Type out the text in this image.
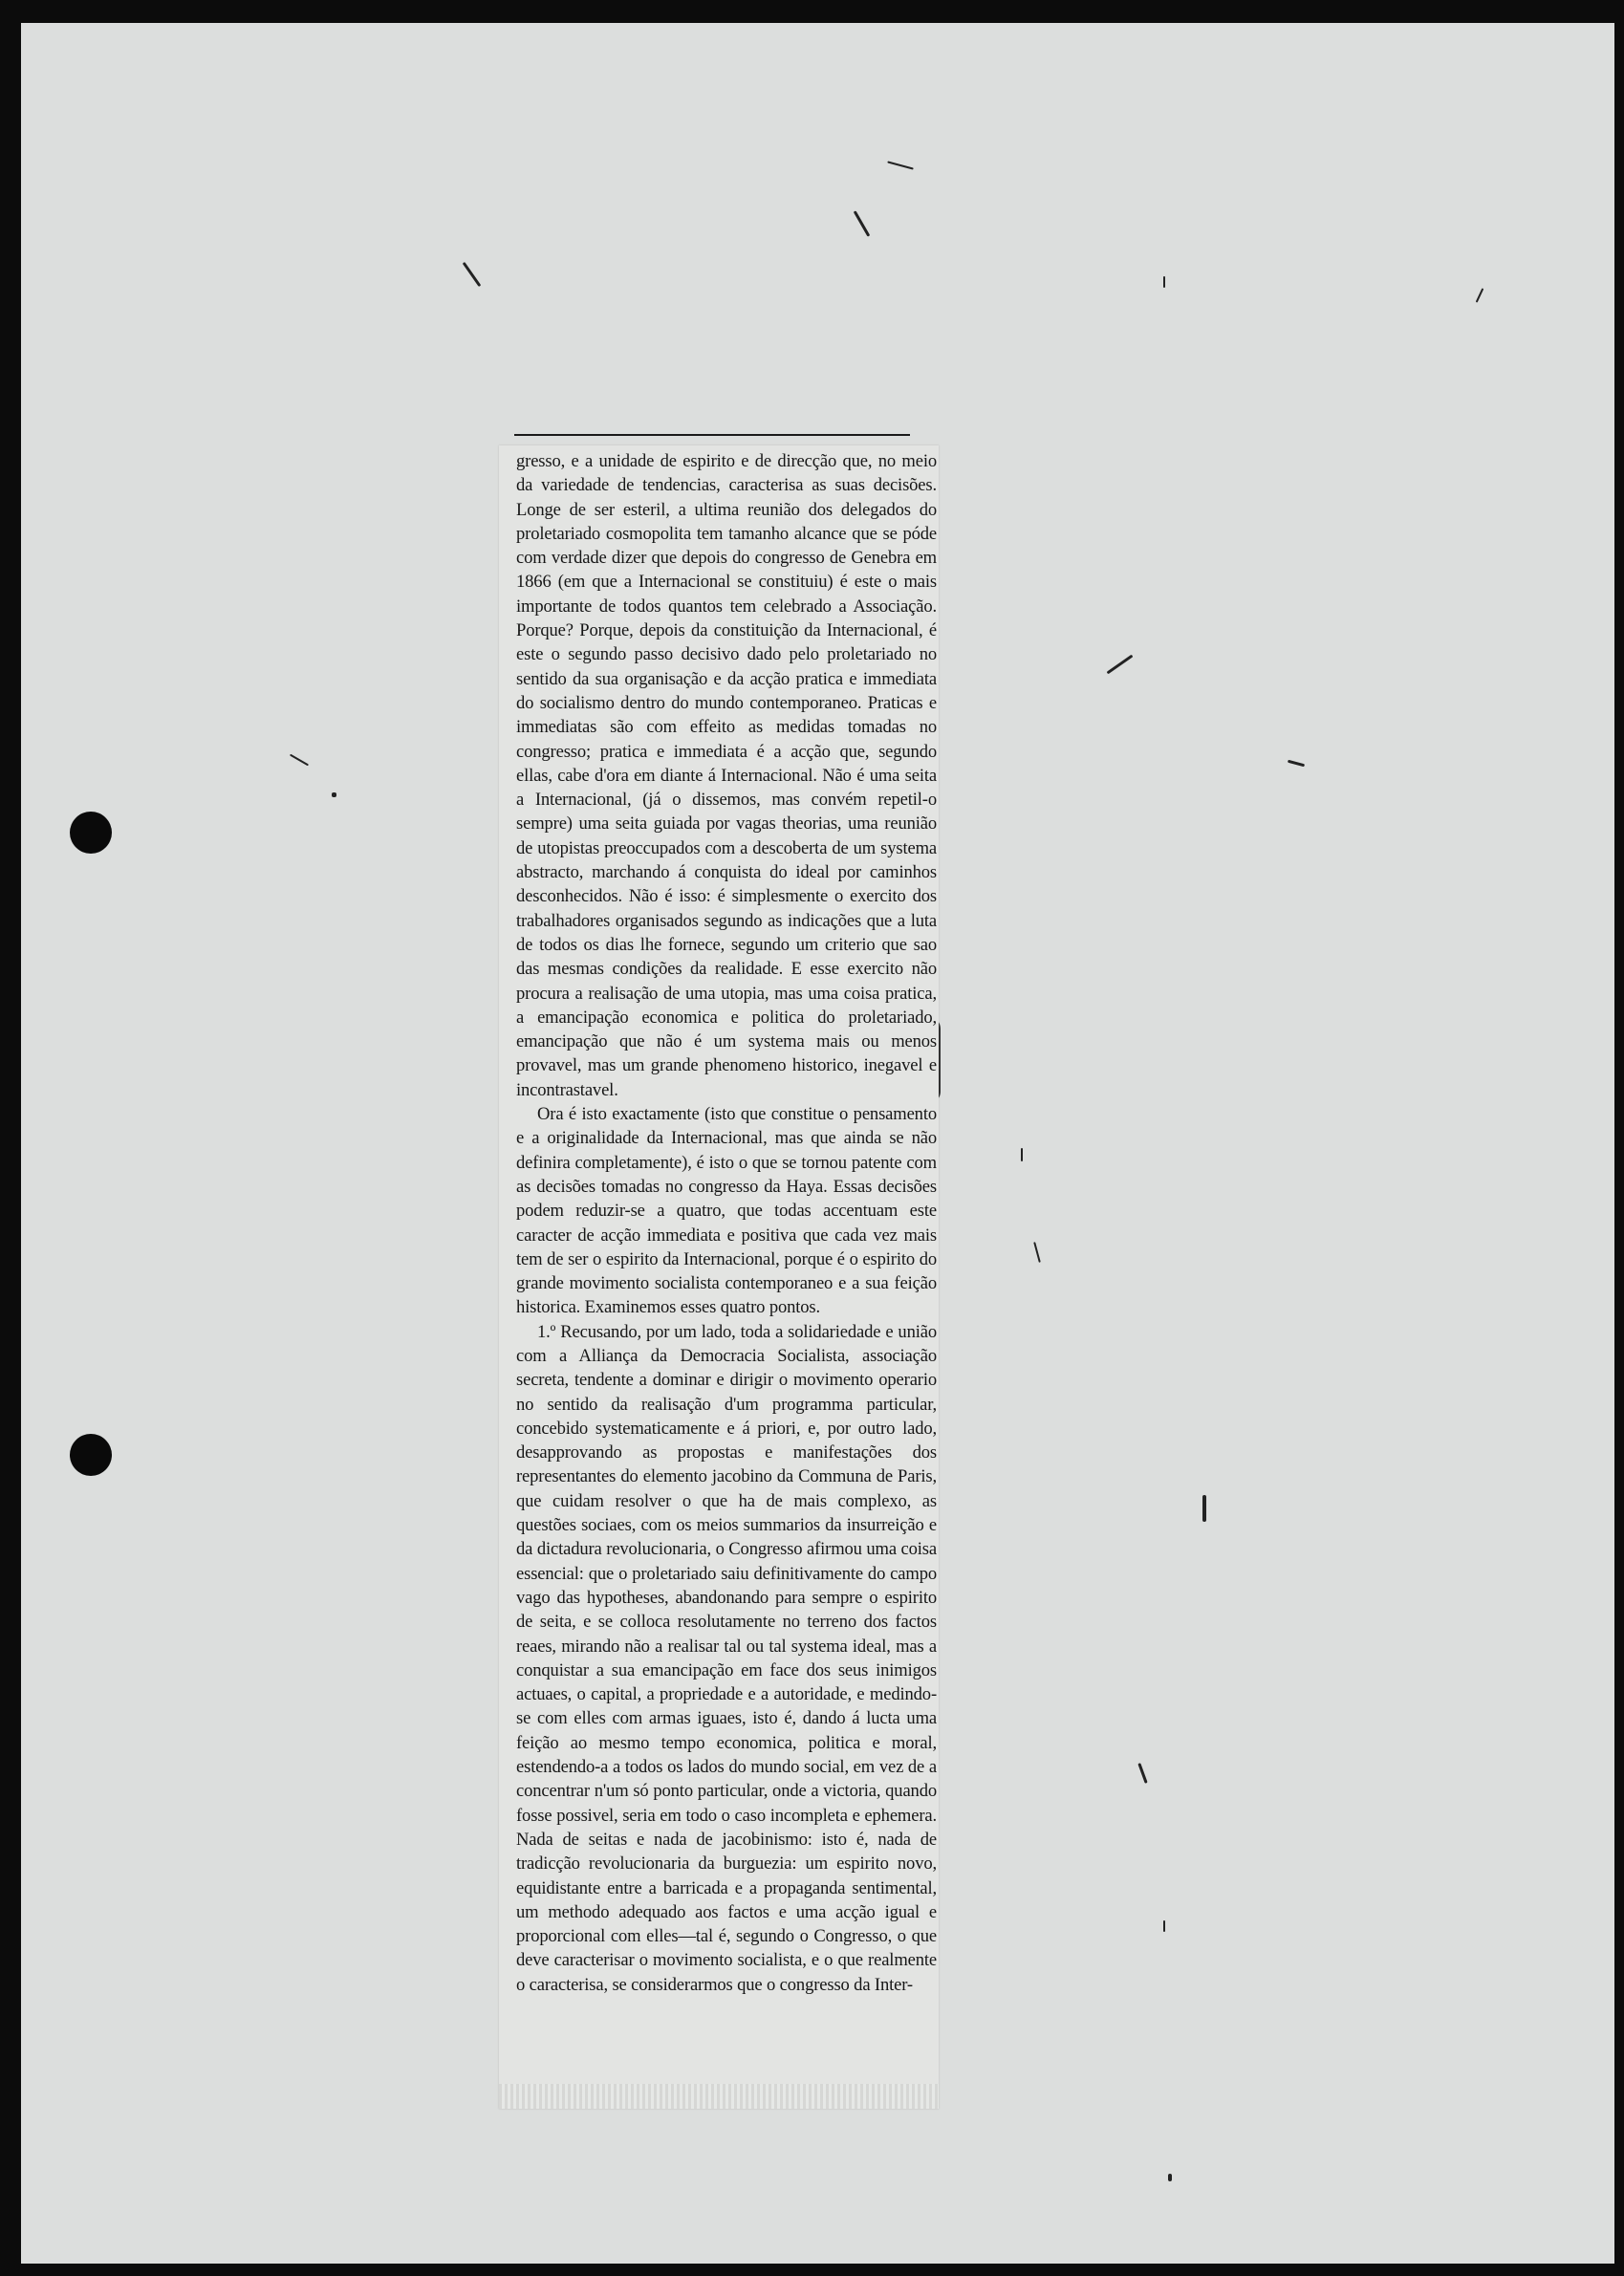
gresso, e a unidade de espirito e de direcção que, no meio da variedade de tendencias, caracterisa as suas decisões. Longe de ser esteril, a ultima reunião dos delegados do proletariado cosmopolita tem tamanho alcance que se póde com verdade dizer que depois do congresso de Genebra em 1866 (em que a Internacional se constituiu) é este o mais importante de todos quantos tem celebrado a Associação. Porque? Porque, depois da constituição da Internacional, é este o segundo passo decisivo dado pelo proletariado no sentido da sua organisação e da acção pratica e immediata do socialismo dentro do mundo contemporaneo. Praticas e immediatas são com effeito as medidas tomadas no congresso; pratica e immediata é a acção que, segundo ellas, cabe d'ora em diante á Internacional. Não é uma seita a Internacional, (já o dissemos, mas convém repetil-o sempre) uma seita guiada por vagas theorias, uma reunião de utopistas preoccupados com a descoberta de um systema abstracto, marchando á conquista do ideal por caminhos desconhecidos. Não é isso: é simplesmente o exercito dos trabalhadores organisados segundo as indicações que a luta de todos os dias lhe fornece, segundo um criterio que sao das mesmas condições da realidade. E esse exercito não procura a realisação de uma utopia, mas uma coisa pratica, a emancipação economica e politica do proletariado, emancipação que não é um systema mais ou menos provavel, mas um grande phenomeno historico, inegavel e incontrastavel.

Ora é isto exactamente (isto que constitue o pensamento e a originalidade da Internacional, mas que ainda se não definira completamente), é isto o que se tornou patente com as decisões tomadas no congresso da Haya. Essas decisões podem reduzir-se a quatro, que todas accentuam este caracter de acção immediata e positiva que cada vez mais tem de ser o espirito da Internacional, porque é o espirito do grande movimento socialista contemporaneo e a sua feição historica. Examinemos esses quatro pontos.

1.º Recusando, por um lado, toda a solidariedade e união com a Alliança da Democracia Socialista, associação secreta, tendente a dominar e dirigir o movimento operario no sentido da realisação d'um programma particular, concebido systematicamente e á priori, e, por outro lado, desapprovando as propostas e manifestações dos representantes do elemento jacobino da Communa de Paris, que cuidam resolver o que ha de mais complexo, as questões sociaes, com os meios summarios da insurreição e da dictadura revolucionaria, o Congresso afirmou uma coisa essencial: que o proletariado saiu definitivamente do campo vago das hypotheses, abandonando para sempre o espirito de seita, e se colloca resolutamente no terreno dos factos reaes, mirando não a realisar tal ou tal systema ideal, mas a conquistar a sua emancipação em face dos seus inimigos actuaes, o capital, a propriedade e a autoridade, e medindo-se com elles com armas iguaes, isto é, dando á lucta uma feição ao mesmo tempo economica, politica e moral, estendendo-a a todos os lados do mundo social, em vez de a concentrar n'um só ponto particular, onde a victoria, quando fosse possivel, seria em todo o caso incompleta e ephemera. Nada de seitas e nada de jacobinismo: isto é, nada de tradicção revolucionaria da burguezia: um espirito novo, equidistante entre a barricada e a propaganda sentimental, um methodo adequado aos factos e uma acção igual e proporcional com elles—tal é, segundo o Congresso, o que deve caracterisar o movimento socialista, e o que realmente o caracterisa, se considerarmos que o congresso da Inter-
